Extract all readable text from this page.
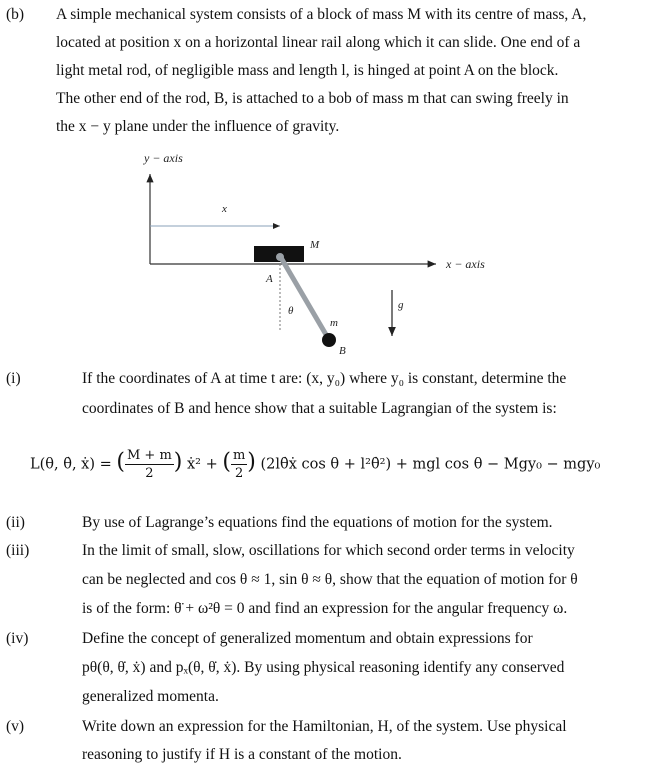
(b) A simple mechanical system consists of a block of mass M with its centre of mass, A,
located at position x on a horizontal linear rail along which it can slide. One end of a
light metal rod, of negligible mass and length l, is hinged at point A on the block.
The other end of the rod, B, is attached to a bob of mass m that can swing freely in
the x − y plane under the influence of gravity.
y − axis
x − axis
x⃗
M
A
θ
m
B
g⃗
(i)	If the coordinates of A at time t are: (x, y₀) where y₀ is constant, determine the
coordinates of B and hence show that a suitable Lagrangian of the system is:
L(θ, θ̇, ẋ) = ( $\frac{M + m}{2}$ ) ẋ² + ( $\frac{m}{2}$ ) (2lθ̇ẋ cos θ + l²θ̇²) + mgl cos θ − Mgy₀ − mgy₀
(ii)	By use of Lagrange’s equations find the equations of motion for the system.
(iii)	In the limit of small, slow, oscillations for which second order terms in velocity
can be neglected and cos θ ≈ 1, sin θ ≈ θ, show that the equation of motion for θ
is of the form: θ̈ + ω²θ = 0 and find an expression for the angular frequency ω.
(iv)	Define the concept of generalized momentum and obtain expressions for
pθ(θ, θ̇, ẋ) and pₓ(θ, θ̇, ẋ). By using physical reasoning identify any conserved
generalized momenta.
(v)	Write down an expression for the Hamiltonian, H, of the system. Use physical
reasoning to justify if H is a constant of the motion.
